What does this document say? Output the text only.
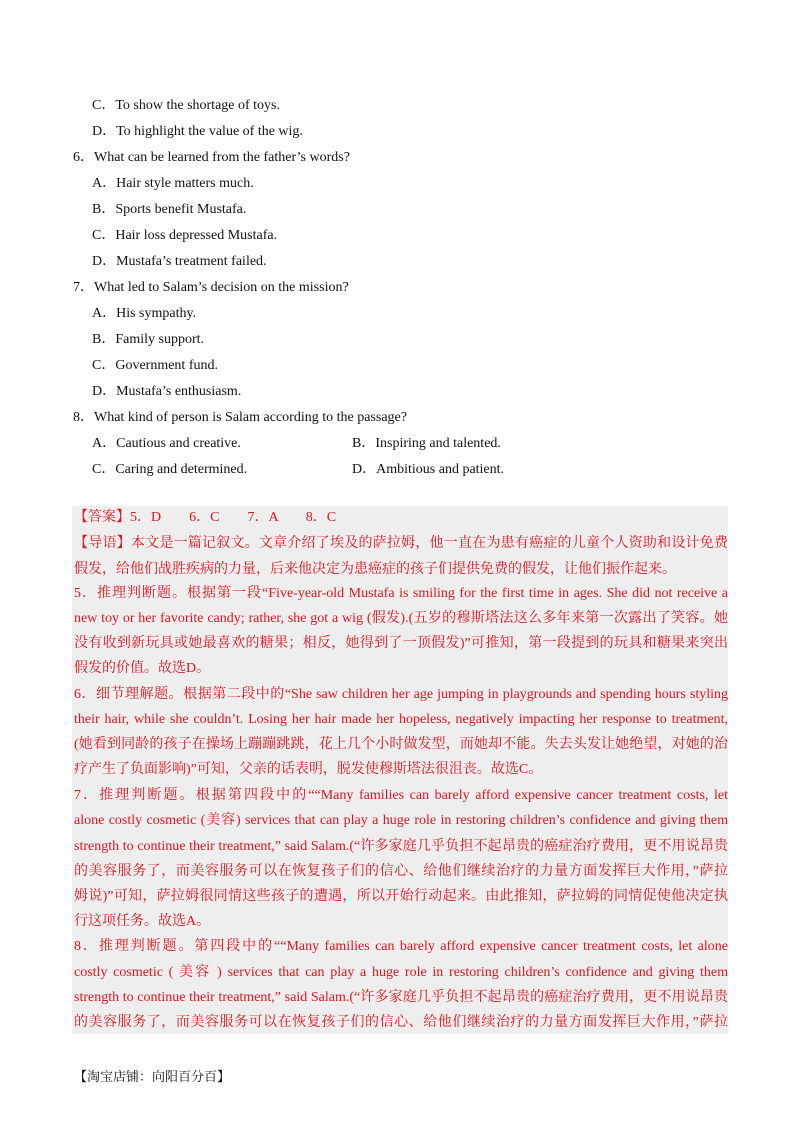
C．To show the shortage of toys.
D．To highlight the value of the wig.
6．What can be learned from the father’s words?
A．Hair style matters much.
B．Sports benefit Mustafa.
C．Hair loss depressed Mustafa.
D．Mustafa’s treatment failed.
7．What led to Salam’s decision on the mission?
A．His sympathy.
B．Family support.
C．Government fund.
D．Mustafa’s enthusiasm.
8．What kind of person is Salam according to the passage?
A．Cautious and creative.	B．Inspiring and talented.
C．Caring and determined.	D．Ambitious and patient.
【答案】5．D　　6．C　　7．A　　8．C
【导语】本文是一篇记叙文。文章介绍了埃及的萨拉姆，他一直在为患有癌症的儿童个人资助和设计免费
假发，给他们战胜疾病的力量，后来他决定为患癌症的孩子们提供免费的假发，让他们振作起来。
5．推理判断题。根据第一段“Five-year-old Mustafa is smiling for the first time in ages. She did not receive a
new toy or her favorite candy; rather, she got a wig (假发).(五岁的穆斯塔法这么多年来第一次露出了笑容。她
没有收到新玩具或她最喜欢的糖果；相反，她得到了一顶假发)”可推知，第一段提到的玩具和糖果来突出
假发的价值。故选D。
6．细节理解题。根据第二段中的“She saw children her age jumping in playgrounds and spending hours styling
their hair, while she couldn’t. Losing her hair made her hopeless, negatively impacting her response to treatment,
(她看到同龄的孩子在操场上蹦蹦跳跳，花上几个小时做发型，而她却不能。失去头发让她绝望，对她的治
疗产生了负面影响)”可知，父亲的话表明，脱发使穆斯塔法很沮丧。故选C。
7．推理判断题。根据第四段中的““Many families can barely afford expensive cancer treatment costs, let
alone costly cosmetic (美容) services that can play a huge role in restoring children’s confidence and giving them
strength to continue their treatment,” said Salam.(“许多家庭几乎负担不起昂贵的癌症治疗费用，更不用说昂贵
的美容服务了，而美容服务可以在恢复孩子们的信心、给他们继续治疗的力量方面发挥巨大作用，”萨拉
姆说)”可知，萨拉姆很同情这些孩子的遭遇，所以开始行动起来。由此推知，萨拉姆的同情促使他决定执
行这项任务。故选A。
8．推理判断题。第四段中的““Many families can barely afford expensive cancer treatment costs, let alone
costly cosmetic ( 美容 ) services that can play a huge role in restoring children’s confidence and giving them
strength to continue their treatment,” said Salam.(“许多家庭几乎负担不起昂贵的癌症治疗费用，更不用说昂贵
的美容服务了，而美容服务可以在恢复孩子们的信心、给他们继续治疗的力量方面发挥巨大作用，”萨拉
【淘宝店铺：向阳百分百】
